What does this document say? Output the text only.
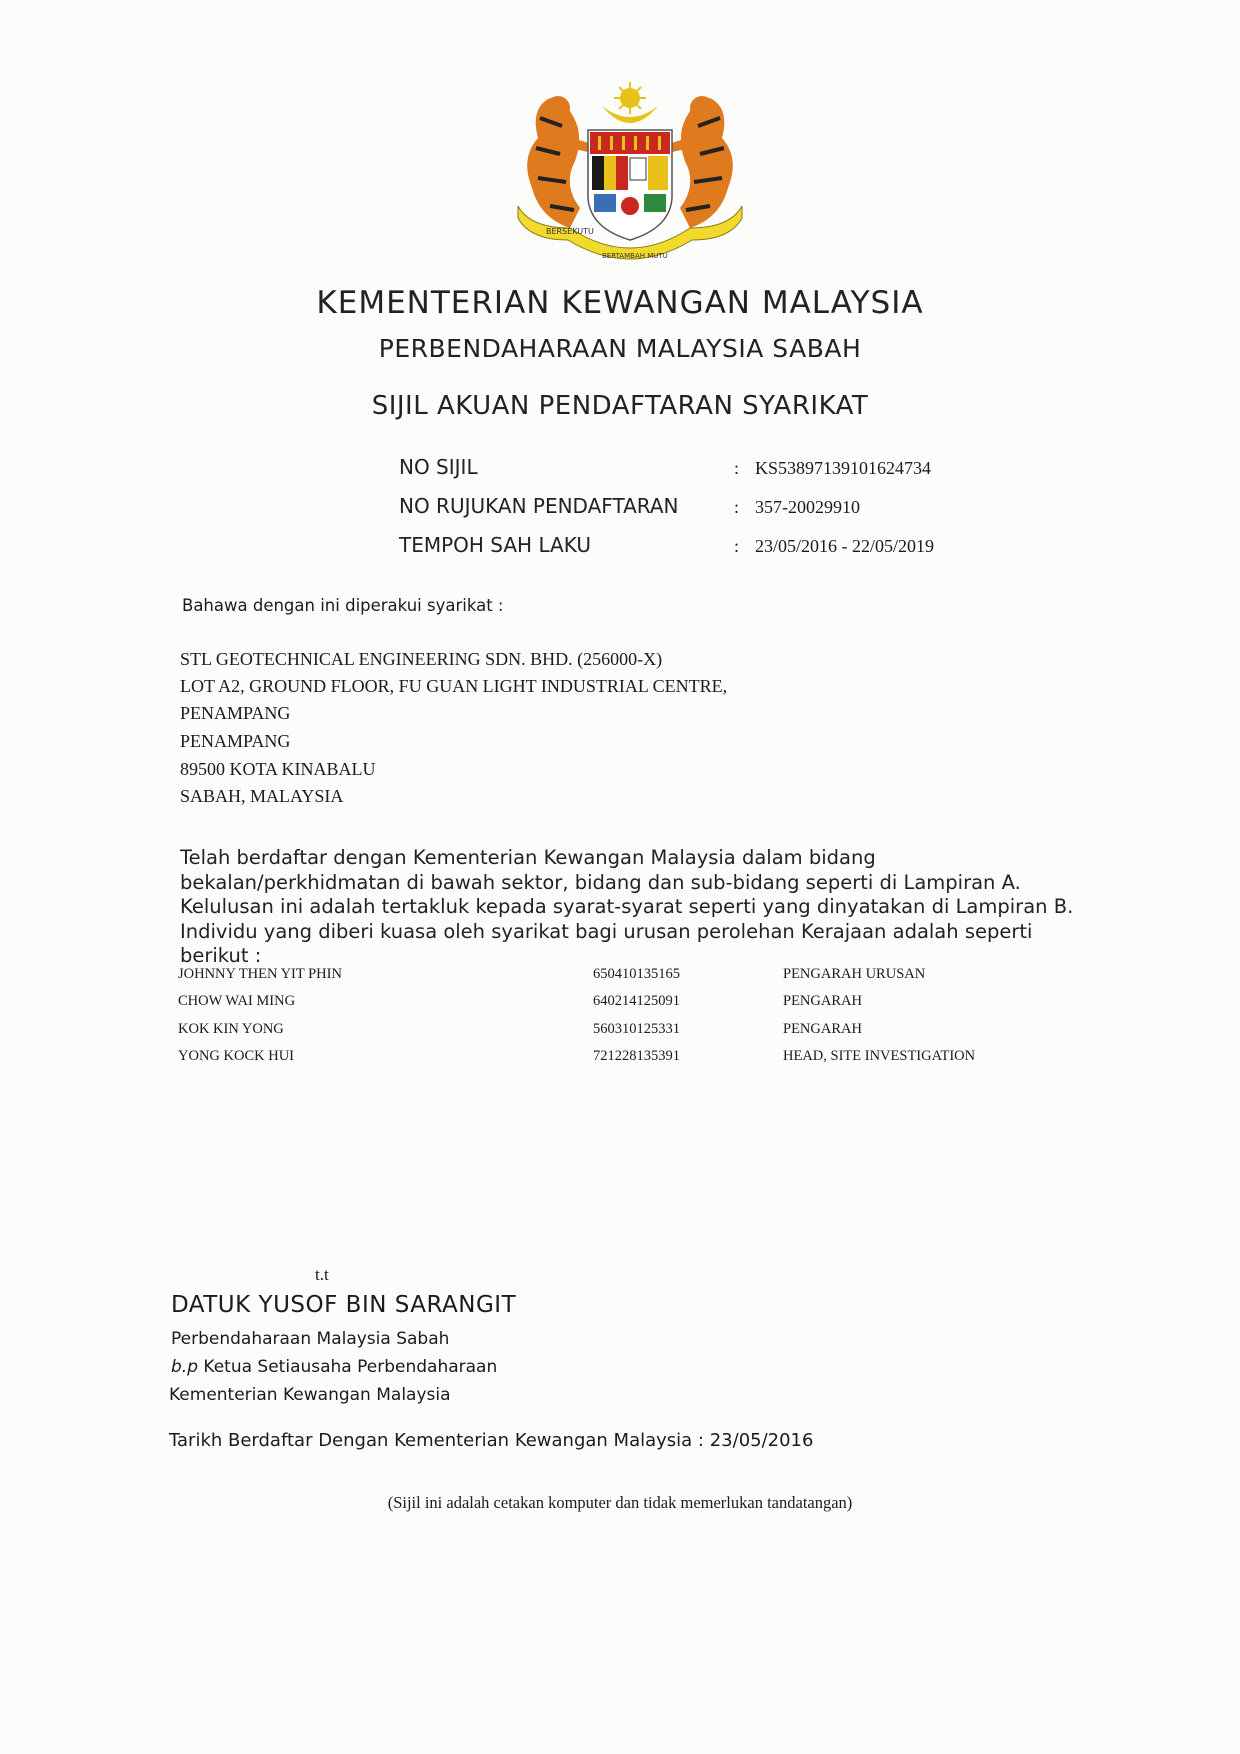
BERSEKUTU
BERTAMBAH MUTU
KEMENTERIAN KEWANGAN MALAYSIA
PERBENDAHARAAN MALAYSIA SABAH
SIJIL AKUAN PENDAFTARAN SYARIKAT
NO SIJIL	: KS53897139101624734
NO RUJUKAN PENDAFTARAN	: 357-20029910
TEMPOH SAH LAKU	: 23/05/2016 - 22/05/2019
Bahawa dengan ini diperakui syarikat :
STL GEOTECHNICAL ENGINEERING SDN. BHD. (256000-X)
LOT A2, GROUND FLOOR, FU GUAN LIGHT INDUSTRIAL CENTRE,
PENAMPANG
PENAMPANG
89500 KOTA KINABALU
SABAH, MALAYSIA
Telah berdaftar dengan Kementerian Kewangan Malaysia dalam bidang bekalan/perkhidmatan di bawah sektor, bidang dan sub-bidang seperti di Lampiran A. Kelulusan ini adalah tertakluk kepada syarat-syarat seperti yang dinyatakan di Lampiran B. Individu yang diberi kuasa oleh syarikat bagi urusan perolehan Kerajaan adalah seperti berikut :
JOHNNY THEN YIT PHIN	650410135165	PENGARAH URUSAN
CHOW WAI MING	640214125091	PENGARAH
KOK KIN YONG	560310125331	PENGARAH
YONG KOCK HUI	721228135391	HEAD, SITE INVESTIGATION
t.t
DATUK YUSOF BIN SARANGIT
Perbendaharaan Malaysia Sabah
b.p Ketua Setiausaha Perbendaharaan
Kementerian Kewangan Malaysia
Tarikh Berdaftar Dengan Kementerian Kewangan Malaysia : 23/05/2016
(Sijil ini adalah cetakan komputer dan tidak memerlukan tandatangan)
